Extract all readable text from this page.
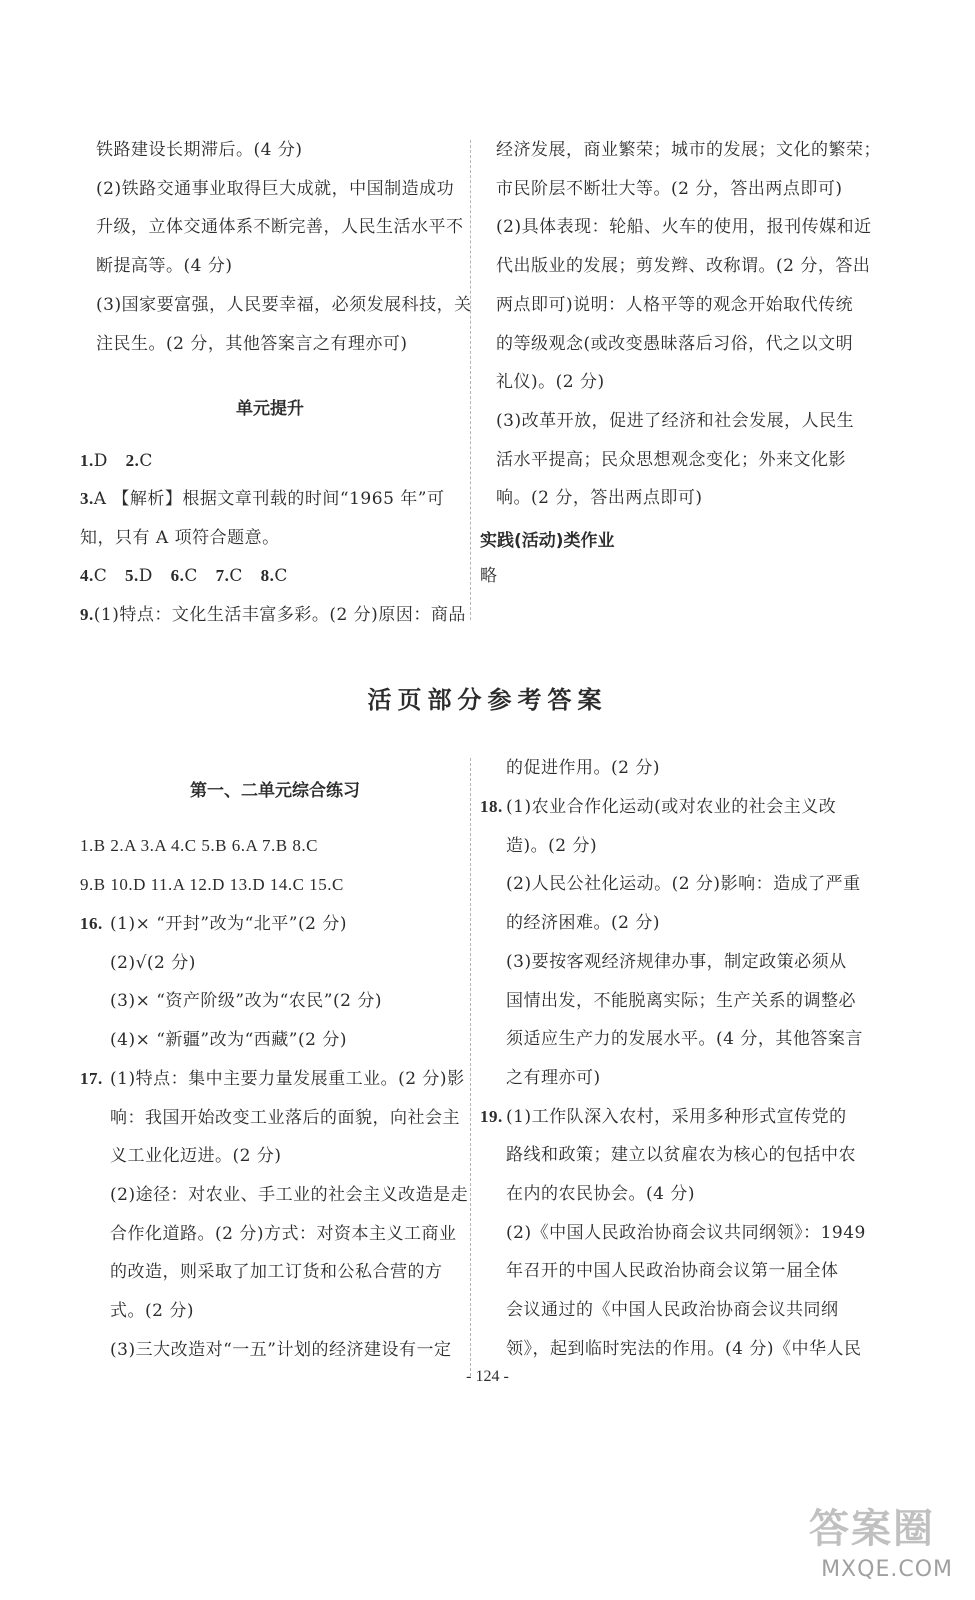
铁路建设长期滞后。(4 分)
(2)铁路交通事业取得巨大成就，中国制造成功
升级，立体交通体系不断完善，人民生活水平不
断提高等。(4 分)
(3)国家要富强，人民要幸福，必须发展科技，关
注民生。(2 分，其他答案言之有理亦可)
单元提升
1.D 2.C
3.A 【解析】根据文章刊载的时间“1965 年”可
知，只有 A 项符合题意。
4.C 5.D 6.C 7.C 8.C
9.(1)特点：文化生活丰富多彩。(2 分)原因：商品
经济发展，商业繁荣；城市的发展；文化的繁荣；
市民阶层不断壮大等。(2 分，答出两点即可)
(2)具体表现：轮船、火车的使用，报刊传媒和近
代出版业的发展；剪发辫、改称谓。(2 分，答出
两点即可)说明：人格平等的观念开始取代传统
的等级观念(或改变愚昧落后习俗，代之以文明
礼仪)。(2 分)
(3)改革开放，促进了经济和社会发展，人民生
活水平提高；民众思想观念变化；外来文化影
响。(2 分，答出两点即可)
实践(活动)类作业
略
活页部分参考答案
第一、二单元综合练习
1.B 2.A 3.A 4.C 5.B 6.A 7.B 8.C
9.B 10.D 11.A 12.D 13.D 14.C 15.C
16. (1)× “开封”改为“北平”(2 分)
(2)√(2 分)
(3)× “资产阶级”改为“农民”(2 分)
(4)× “新疆”改为“西藏”(2 分)
17. (1)特点：集中主要力量发展重工业。(2 分)影
响：我国开始改变工业落后的面貌，向社会主
义工业化迈进。(2 分)
(2)途径：对农业、手工业的社会主义改造是走
合作化道路。(2 分)方式：对资本主义工商业
的改造，则采取了加工订货和公私合营的方
式。(2 分)
(3)三大改造对“一五”计划的经济建设有一定
的促进作用。(2 分)
18. (1)农业合作化运动(或对农业的社会主义改
造)。(2 分)
(2)人民公社化运动。(2 分)影响：造成了严重
的经济困难。(2 分)
(3)要按客观经济规律办事，制定政策必须从
国情出发，不能脱离实际；生产关系的调整必
须适应生产力的发展水平。(4 分，其他答案言
之有理亦可)
19. (1)工作队深入农村，采用多种形式宣传党的
路线和政策；建立以贫雇农为核心的包括中农
在内的农民协会。(4 分)
(2)《中国人民政治协商会议共同纲领》：1949
年召开的中国人民政治协商会议第一届全体
会议通过的《中国人民政治协商会议共同纲
领》，起到临时宪法的作用。(4 分)《中华人民
- 124 -
答案圈
MXQE.COM
